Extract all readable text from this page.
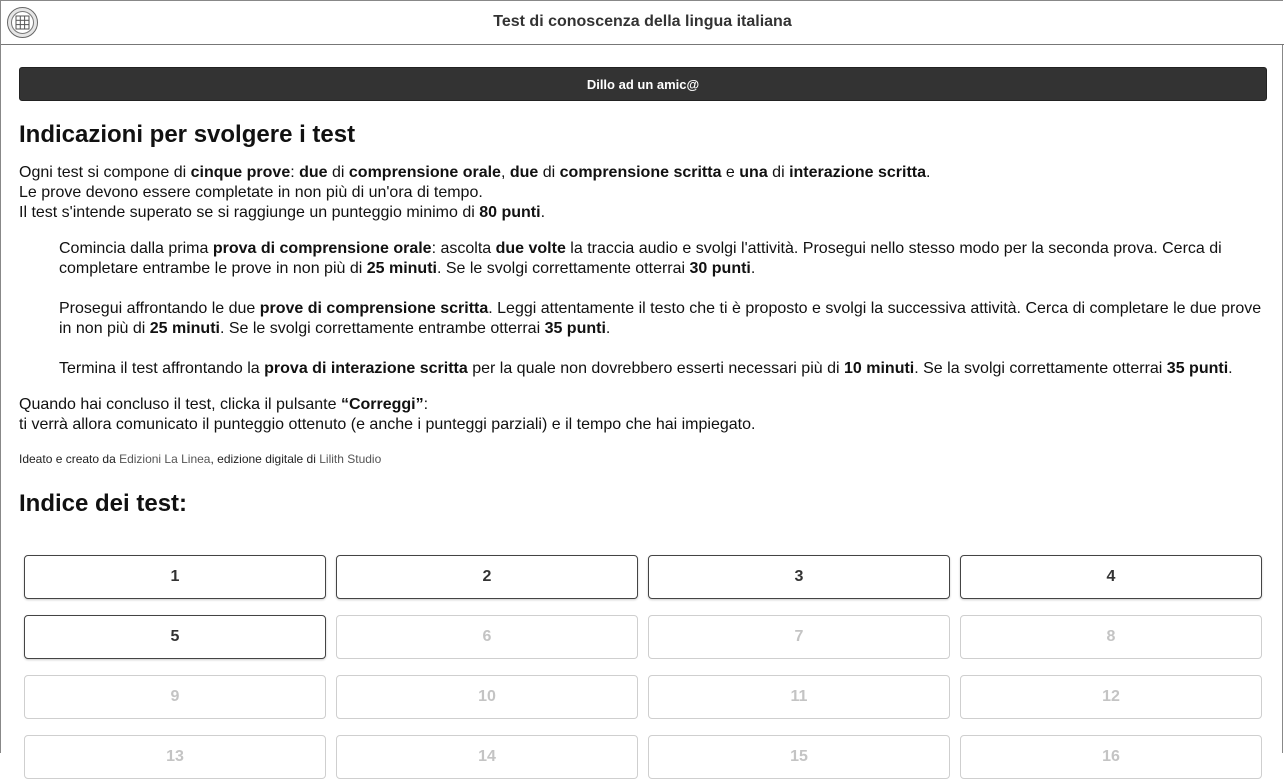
Test di conoscenza della lingua italiana
Dillo ad un amic@
Indicazioni per svolgere i test
Ogni test si compone di cinque prove: due di comprensione orale, due di comprensione scritta e una di interazione scritta.
Le prove devono essere completate in non più di un'ora di tempo.
Il test s'intende superato se si raggiunge un punteggio minimo di 80 punti.

Comincia dalla prima prova di comprensione orale: ascolta due volte la traccia audio e svolgi l'attività. Prosegui nello stesso modo per la seconda prova. Cerca di completare entrambe le prove in non più di 25 minuti. Se le svolgi correttamente otterrai 30 punti.

Prosegui affrontando le due prove di comprensione scritta. Leggi attentamente il testo che ti è proposto e svolgi la successiva attività. Cerca di completare le due prove in non più di 25 minuti. Se le svolgi correttamente entrambe otterrai 35 punti.

Termina il test affrontando la prova di interazione scritta per la quale non dovrebbero esserti necessari più di 10 minuti. Se la svolgi correttamente otterrai 35 punti.

Quando hai concluso il test, clicka il pulsante “Correggi”:
ti verrà allora comunicato il punteggio ottenuto (e anche i punteggi parziali) e il tempo che hai impiegato.
Ideato e creato da Edizioni La Linea, edizione digitale di Lilith Studio
Indice dei test:
1	2	3	4
5	6	7	8
9	10	11	12
13	14	15	16
